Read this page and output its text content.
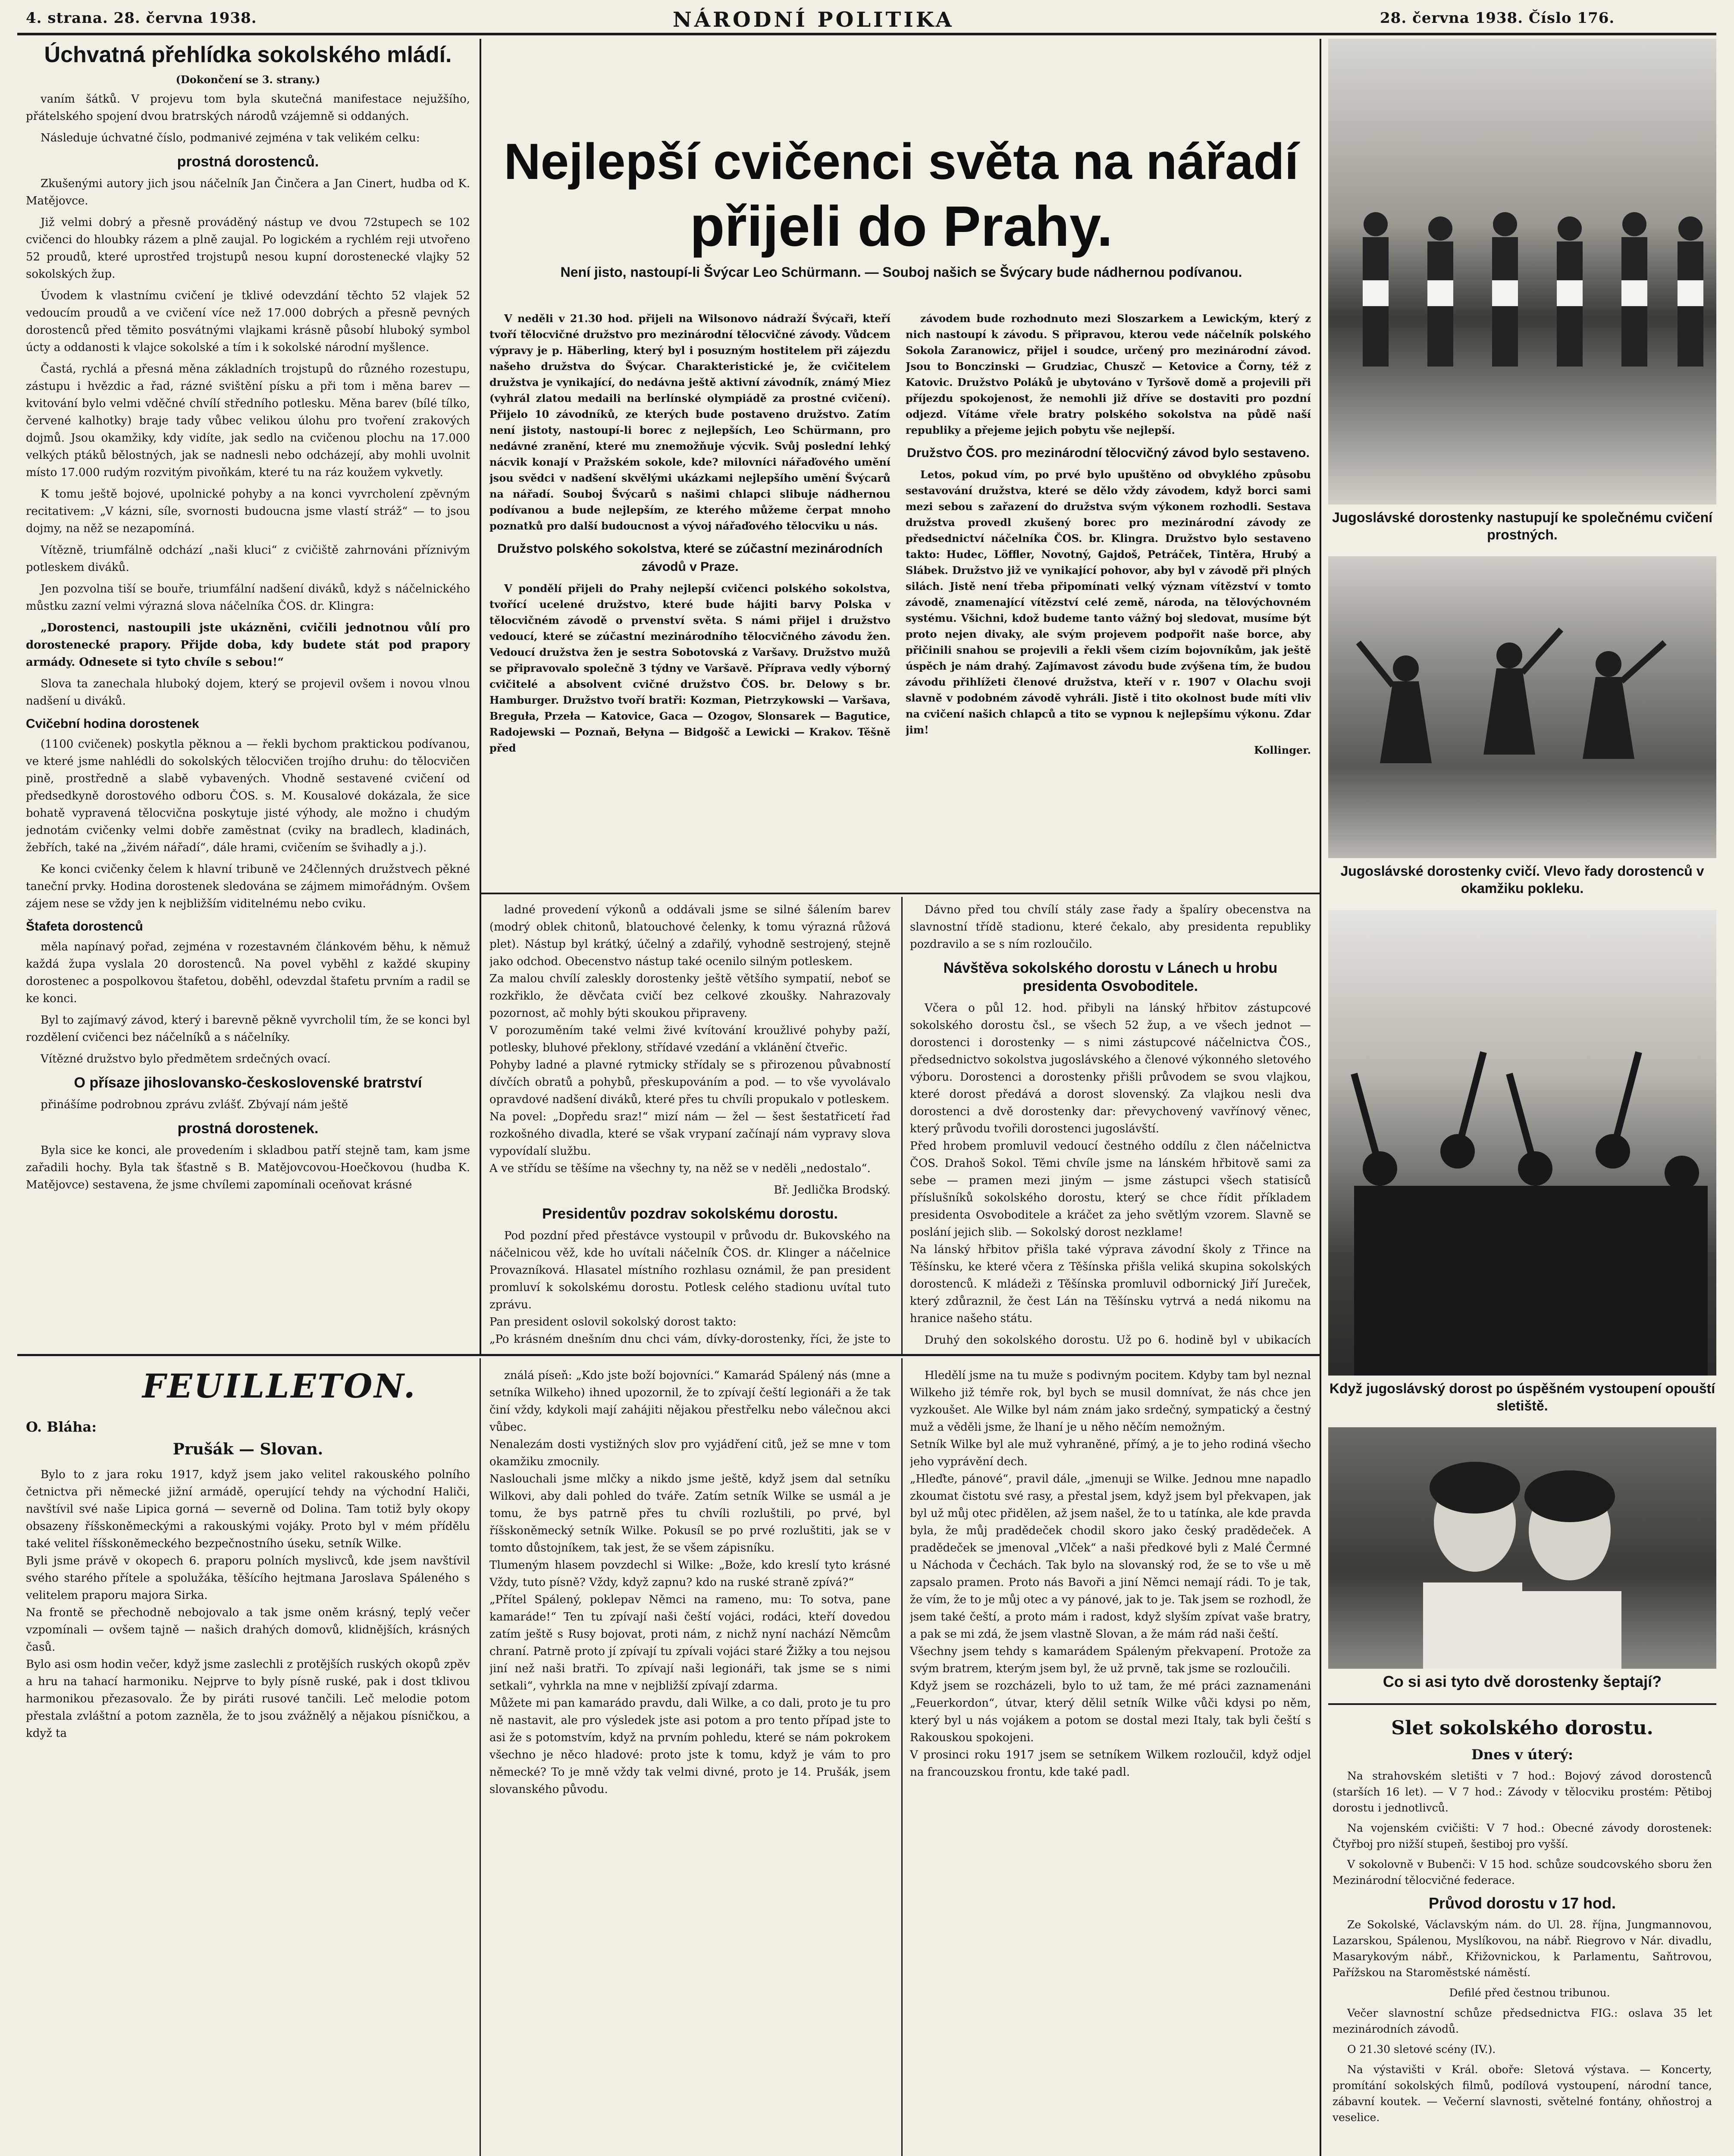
4. strana. 28. června 1938.	NÁRODNÍ POLITIKA	28. června 1938. Číslo 176.
Úchvatná přehlídka sokolského mládí.
(Dokončení se 3. strany.)

vaním šátků. V projevu tom byla skutečná manifestace nejužšího, přátelského spojení dvou bratrských národů vzájemně si oddaných.

Následuje úchvatné číslo, podmanivé zejména v tak velikém celku:

prostná dorostenců.

Zkušenými autory jich jsou náčelník Jan Činčera a Jan Cinert, hudba od K. Matějovce.

Již velmi dobrý a přesně prováděný nástup ve dvou 72stupech se 102 cvičenci do hloubky rázem a plně zaujal. Po logickém a rychlém reji utvořeno 52 proudů, které uprostřed trojstupů nesou kupní dorostenecké vlajky 52 sokolských žup.

Úvodem k vlastnímu cvičení je tklivé odevzdání těchto 52 vlajek 52 vedoucím proudů a ve cvičení více než 17.000 dobrých a přesně pevných dorostenců před těmito posvátnými vlajkami krásně působí hluboký symbol úcty a oddanosti k vlajce sokolské a tím i k sokolské národní myšlence.

Častá, rychlá a přesná měna základních trojstupů do různého rozestupu, zástupu i hvězdic a řad, rázné svištění písku a při tom i měna barev — kvitování bylo velmi vděčné chvílí středního potlesku. Měna barev (bílé tílko, červené kalhotky) braje tady vůbec velikou úlohu pro tvoření zrakových dojmů. Jsou okamžiky, kdy vidíte, jak sedlo na cvičenou plochu na 17.000 velkých ptáků bělostných, jak se nadnesli nebo odcházejí, aby mohli uvolnit místo 17.000 rudým rozvitým pivoňkám, které tu na ráz koužem vykvetly.

K tomu ještě bojové, upolnické pohyby a na konci vyvrcholení zpěvným recitativem: „V kázni, síle, svornosti budoucna jsme vlastí stráž“ — to jsou dojmy, na něž se nezapomíná.

Vítězně, triumfálně odchází „naši kluci“ z cvičiště zahrnováni příznivým potleskem diváků.

Jen pozvolna tiší se bouře, triumfální nadšení diváků, když s náčelnického můstku zazní velmi výrazná slova náčelníka ČOS. dr. Klingra:

„Dorostenci, nastoupili jste ukázněni, cvičili jednotnou vůlí pro dorostenecké prapory. Přijde doba, kdy budete stát pod prapory armády. Odnesete si tyto chvíle s sebou!“

Slova ta zanechala hluboký dojem, který se projevil ovšem i novou vlnou nadšení u diváků.

Cvičební hodina dorostenek

(1100 cvičenek) poskytla pěknou a — řekli bychom praktickou podívanou, ve které jsme nahlédli do sokolských tělocvičen trojího druhu: do tělocvičen pině, prostředně a slabě vybavených. Vhodně sestavené cvičení od předsedkyně dorostového odboru ČOS. s. M. Kousalové dokázala, že sice bohatě vypravená tělocvična poskytuje jisté výhody, ale možno i chudým jednotám cvičenky velmi dobře zaměstnat (cviky na bradlech, kladinách, žebřích, také na „živém nářadí“, dále hrami, cvičením se švihadly a j.).

Ke konci cvičenky čelem k hlavní tribuně ve 24členných družstvech pěkné taneční prvky. Hodina dorostenek sledována se zájmem mimořádným. Ovšem zájem nese se vždy jen k nejbližším viditelnému nebo cviku.

Štafeta dorostenců

měla napínavý pořad, zejména v rozestavném článkovém běhu, k němuž každá župa vyslala 20 dorostenců. Na povel vyběhl z každé skupiny dorostenec a pospolkovou štafetou, doběhl, odevzdal štafetu prvním a radil se ke konci.

Byl to zajímavý závod, který i barevně pěkně vyvrcholil tím, že se konci byl rozdělení cvičenci bez náčelníků a s náčelníky.

Vítězné družstvo bylo předmětem srdečných ovací.

O přísaze jihoslovansko-československé bratrství

přinášíme podrobnou zprávu zvlášť. Zbývají nám ještě

prostná dorostenek.

Byla sice ke konci, ale provedením i skladbou patří stejně tam, kam jsme zařadili hochy. Byla tak šťastně s B. Matějovcovou-Hoečkovou (hudba K. Matějovce) sestavena, že jsme chvílemi zapomínali oceňovat krásné

Nejlepší cvičenci světa na nářadí
přijeli do Prahy.
Není jisto, nastoupí-li Švýcar Leo Schürmann. — Souboj našich se Švýcary bude nádhernou podívanou.

V neděli v 21.30 hod. přijeli na Wilsonovo nádraží Švýcaři, kteří tvoří tělocvičné družstvo pro mezinárodní tělocvičné závody. Vůdcem výpravy je p. Häberling, který byl i posuzným hostitelem při zájezdu našeho družstva do Švýcar. Charakteristické je, že cvičitelem družstva je vynikající, do nedávna ještě aktivní závodník, známý Miez (vyhrál zlatou medaili na berlínské olympiádě za prostné cvičení). Přijelo 10 závodníků, ze kterých bude postaveno družstvo. Zatím není jistoty, nastoupí-li borec z nejlepších, Leo Schürmann, pro nedávné zranění, které mu znemožňuje výcvik. Svůj poslední lehký nácvik konají v Pražském sokole, kde? milovníci nářaďového umění jsou svědci v nadšení skvělými ukázkami nejlepšího umění Švýcarů na nářadí. Souboj Švýcarů s našimi chlapci slibuje nádhernou podívanou a bude nejlepším, ze kterého můžeme čerpat mnoho poznatků pro další budoucnost a vývoj nářaďového tělocviku u nás.

Družstvo polského sokolstva, které se zúčastní mezinárodních závodů v Praze.

V pondělí přijeli do Prahy nejlepší cvičenci polského sokolstva, tvořící ucelené družstvo, které bude hájiti barvy Polska v tělocvičném závodě o prvenství světa. S námi přijel i družstvo vedoucí, které se zúčastní mezinárodního tělocvičného závodu žen. Vedoucí družstva žen je sestra Sobotovská z Varšavy. Družstvo mužů se připravovalo společně 3 týdny ve Varšavě. Příprava vedly výborný cvičitelé a absolvent cvičné družstvo ČOS. br. Delowy s br. Hamburger. Družstvo tvoří bratři: Kozman, Pietrzykowski — Varšava, Breguła, Przeła — Katovice, Gaca — Ozogov, Slonsarek — Bagutice, Radojewski — Poznaň, Bełyna — Bidgošč a Lewicki — Krakov. Těšně před

závodem bude rozhodnuto mezi Sloszarkem a Lewickým, který z nich nastoupí k závodu. S připravou, kterou vede náčelník polského Sokola Zaranowicz, přijel i soudce, určený pro mezinárodní závod. Jsou to Bonczinski — Grudziac, Chuszč — Ketovice a Čorny, též z Katovic. Družstvo Poláků je ubytováno v Tyršově domě a projevili při příjezdu spokojenost, že nemohli již dříve se dostaviti pro pozdní odjezd. Vítáme vřele bratry polského sokolstva na půdě naší republiky a přejeme jejich pobytu vše nejlepší.

Družstvo ČOS. pro mezinárodní tělocvičný závod bylo sestaveno.

Letos, pokud vím, po prvé bylo upuštěno od obvyklého způsobu sestavování družstva, které se dělo vždy závodem, když borci sami mezi sebou s zařazení do družstva svým výkonem rozhodli. Sestava družstva provedl zkušený borec pro mezinárodní závody ze předsednictví náčelníka ČOS. br. Klingra. Družstvo bylo sestaveno takto: Hudec, Löffler, Novotný, Gajdoš, Petráček, Tintěra, Hrubý a Slábek. Družstvo již ve vynikající pohovor, aby byl v závodě při plných silách. Jistě není třeba připomínati velký význam vítězství v tomto závodě, znamenající vítězství celé země, národa, na tělovýchovném systému. Všichni, kdož budeme tanto vážný boj sledovat, musíme být proto nejen divaky, ale svým projevem podpořit naše borce, aby přičinili snahou se projevili a řekli všem cizím bojovníkům, jak ještě úspěch je nám drahý. Zajímavost závodu bude zvýšena tím, že budou závodu přihlížeti členové družstva, kteří v r. 1907 v Olachu svoji slavně v podobném závodě vyhráli. Jistě i tito okolnost bude míti vliv na cvičení našich chlapců a tito se vypnou k nejlepšímu výkonu. Zdar jim!

Kollinger.

ladné provedení výkonů a oddávali jsme se silné šálením barev (modrý oblek chitonů, blatouchové čelenky, k tomu výrazná růžová plet). Nástup byl krátký, účelný a zdařilý, vyhodně sestrojený, stejně jako odchod. Obecenstvo nástup také ocenilo silným potleskem.
Za malou chvílí zaleskly dorostenky ještě většího sympatií, neboť se rozkřiklo, že děvčata cvičí bez celkové zkoušky. Nahrazovaly pozornost, ač mohly býti skoukou připraveny.
V porozuměním také velmi živé kvítování kroužlivé pohyby paží, potlesky, bluhové překlony, střídavé vzedání a vklánění čtveřic.
Pohyby ladné a plavné rytmicky střídaly se s přirozenou půvabností dívčích obratů a pohybů, přeskupováním a pod. — to vše vyvolávalo opravdové nadšení diváků, které přes tu chvíli propukalo v potleskem.
Na povel: „Dopředu sraz!“ mizí nám — žel — šest šestatřicetí řad rozkošného divadla, které se však vrypaní začínají nám vypravy slova vypovídalí službu.
A ve střídu se těšíme na všechny ty, na něž se v neděli „nedostalo“.

Bř. Jedlička Brodský.
Presidentův pozdrav sokolskému dorostu.

Pod pozdní před přestávce vystoupil v průvodu dr. Bukovského na náčelnicou věž, kde ho uvítali náčelník ČOS. dr. Klinger a náčelnice Provazníková. Hlasatel místního rozhlasu oznámil, že pan president promluví k sokolskému dorostu. Potlesk celého stadionu uvítal tuto zprávu.
Pan president oslovil sokolský dorost takto:
„Po krásném dnešním dnu chci vám, dívky-dorostenky, říci, že jste to

Dávno před tou chvílí stály zase řady a špalíry obecenstva na slavnostní třídě stadionu, které čekalo, aby presidenta republiky pozdravilo a se s ním rozloučilo.

Návštěva sokolského dorostu v Lánech u hrobu presidenta Osvoboditele.

Včera o půl 12. hod. přibyli na lánský hřbitov zástupcové sokolského dorostu čsl., se všech 52 žup, a ve všech jednot — dorostenci i dorostenky — s nimi zástupcové náčelnictva ČOS., předsednictvo sokolstva jugoslávského a členové výkonného sletového výboru. Dorostenci a dorostenky přišli průvodem se svou vlajkou, které dorost předává a dorost slovenský. Za vlajkou nesli dva dorostenci a dvě dorostenky dar: převychovený vavřínový věnec, který průvodu tvořili dorostenci jugoslávští.
Před hrobem promluvil vedoucí čestného oddílu z člen náčelnictva ČOS. Drahoš Sokol. Těmi chvíle jsme na lánském hřbitově sami za sebe — pramen mezi jiným — jsme zástupci všech statisíců příslušníků sokolského dorostu, který se chce řídit příkladem presidenta Osvoboditele a kráčet za jeho světlým vzorem. Slavně se poslání jejich slib. — Sokolský dorost nezklame!
Na lánský hřbitov přišla také výprava závodní školy z Třince na Těšínsku, ke které včera z Těšínska přišla veliká skupina sokolských dorostenců. K mládeži z Těšínska promluvil odbornický Jiří Jureček, který zdůraznil, že čest Lán na Těšínsku vytrvá a nedá nikomu na hranice našeho státu.

Druhý den sokolského dorostu. Už po 6. hodině byl v ubikacích

FEUILLETON.
O. Bláha:
Prušák — Slovan.

Bylo to z jara roku 1917, když jsem jako velitel rakouského polního četnictva při německé jižní armádě, operující tehdy na východní Haliči, navštívil své naše Lipica gorná — severně od Dolina. Tam totiž byly okopy obsazeny říšskoněmeckými a rakouskými vojáky. Proto byl v mém přídělu také velitel říšskoněmeckého bezpečnostního úseku, setník Wilke.
Byli jsme právě v okopech 6. praporu polních myslivců, kde jsem navštívil svého starého přítele a spolužáka, těšícího hejtmana Jaroslava Spáleného s velitelem praporu majora Sirka.
Na frontě se přechodně nebojovalo a tak jsme oněm krásný, teplý večer vzpomínali — ovšem tajně — našich drahých domovů, klidnějších, krásných časů.
Bylo asi osm hodin večer, když jsme zaslechli z protějších ruských okopů zpěv a hru na tahací harmoniku. Nejprve to byly písně ruské, pak i dost tklivou harmonikou přezasovalo. Že by piráti rusové tančili. Leč melodie potom přestala zvláštní a potom zazněla, že to jsou zvážnělý a nějakou písničkou, a když ta

ználá píseň: „Kdo jste boží bojovníci.“ Kamarád Spálený nás (mne a setníka Wilkeho) ihned upozornil, že to zpívají čeští legionáři a že tak činí vždy, kdykoli mají zahájiti nějakou přestřelku nebo válečnou akci vůbec.
Nenalezám dosti vystižných slov pro vyjádření citů, jež se mne v tom okamžiku zmocnily.
Naslouchali jsme mlčky a nikdo jsme ještě, když jsem dal setníku Wilkovi, aby dali pohled do tváře. Zatím setník Wilke se usmál a je tomu, že bys patrně přes tu chvíli rozluštili, po prvé, byl říšskoněmecký setník Wilke. Pokusíl se po prvé rozluštiti, jak se v tomto důstojníkem, tak jest, že se všem zápisníku.
Tlumeným hlasem povzdechl si Wilke: „Bože, kdo kreslí tyto krásné Vždy, tuto písně? Vždy, když zapnu? kdo na ruské straně zpívá?“
„Přítel Spálený, poklepav Němci na rameno, mu: To sotva, pane kamaráde!“ Ten tu zpívají naši čeští vojáci, rodáci, kteří dovedou zatím ještě s Rusy bojovat, proti nám, z nichž nyní nachází Němcům chraní. Patrně proto jí zpívají tu zpívali vojáci staré Žižky a tou nejsou jiní než naši bratři. To zpívají naši legionáři, tak jsme se s nimi setkali“, vyhrkla na mne v nejbližší zpívají zdarma.
Můžete mi pan kamarádo pravdu, dali Wilke, a co dali, proto je tu pro ně nastavit, ale pro výsledek jste asi potom a pro tento případ jste to asi že s potomstvím, když na prvním pohledu, které se nám pokrokem všechno je něco hladové: proto jste k tomu, když je vám to pro německé? To je mně vždy tak velmi divné, proto je 14. Prušák, jsem slovanského původu.

Hledělí jsme na tu muže s podivným pocitem. Kdyby tam byl neznal Wilkeho již témře rok, byl bych se musil domnívat, že nás chce jen vyzkoušet. Ale Wilke byl nám znám jako srdečný, sympatický a čestný muž a věděli jsme, že lhaní je u něho něčím nemožným.
Setník Wilke byl ale muž vyhraněné, přímý, a je to jeho rodiná všecho jeho vyprávění dech.
„Hleďte, pánové“, pravil dále, „jmenuji se Wilke. Jednou mne napadlo zkoumat čistotu své rasy, a přestal jsem, když jsem byl překvapen, jak byl už můj otec přidělen, až jsem našel, že to u tatínka, ale kde pravda byla, že můj pradědeček chodil skoro jako český pradědeček. A pradědeček se jmenoval „Vlček“ a naši předkové byli z Malé Čermné u Náchoda v Čechách. Tak bylo na slovanský rod, že se to vše u mě zapsalo pramen. Proto nás Bavoři a jiní Němci nemají rádi. To je tak, že vím, že to je můj otec a vy pánové, jak to je. Tak jsem se rozhodl, že jsem také čeští, a proto mám i radost, když slyším zpívat vaše bratry, a pak se mi zdá, že jsem vlastně Slovan, a že mám rád naši čeští.
Všechny jsem tehdy s kamarádem Spáleným překvapení. Protože za svým bratrem, kterým jsem byl, že už prvně, tak jsme se rozloučili.
Když jsem se rozcházeli, bylo to už tam, že mé práci zaznamenáni „Feuerkordon“, útvar, který dělil setník Wilke vůči kdysi po něm, který byl u nás vojákem a potom se dostal mezi Italy, tak byli čeští s Rakouskou spokojeni.
V prosinci roku 1917 jsem se setníkem Wilkem rozloučil, když odjel na francouzskou frontu, kde také padl.

Jugoslávské dorostenky nastupují ke společnému cvičení prostných.
Jugoslávské dorostenky cvičí. Vlevo řady dorostenců v okamžiku pokleku.
Když jugoslávský dorost po úspěšném vystoupení opouští sletiště.
Co si asi tyto dvě dorostenky šeptají?
Slet sokolského dorostu.
Dnes v úterý:

Na strahovském sletišti v 7 hod.: Bojový závod dorostenců (starších 16 let). — V 7 hod.: Závody v tělocviku prostém: Pětiboj dorostu i jednotlivců.

Na vojenském cvičišti: V 7 hod.: Obecné závody dorostenek: Čtyřboj pro nižší stupeň, šestiboj pro vyšší.

V sokolovně v Bubenči: V 15 hod. schůze soudcovského sboru žen Mezinárodní tělocvičné federace.

Průvod dorostu v 17 hod.

Ze Sokolské, Václavským nám. do Ul. 28. října, Jungmannovou, Lazarskou, Spálenou, Myslíkovou, na nábř. Riegrovo v Nár. divadlu, Masarykovým nábř., Křižovnickou, k Parlamentu, Saňtrovou, Pařížskou na Staroměstské náměstí.

Defilé před čestnou tribunou.

Večer slavnostní schůze předsednictva FIG.: oslava 35 let mezinárodních závodů.

O 21.30 sletové scény (IV.).

Na výstavišti v Král. oboře: Sletová výstava. — Koncerty, promítání sokolských filmů, podílová vystoupení, národní tance, zábavní koutek. — Večerní slavnosti, světelné fontány, ohňostroj a veselice.
